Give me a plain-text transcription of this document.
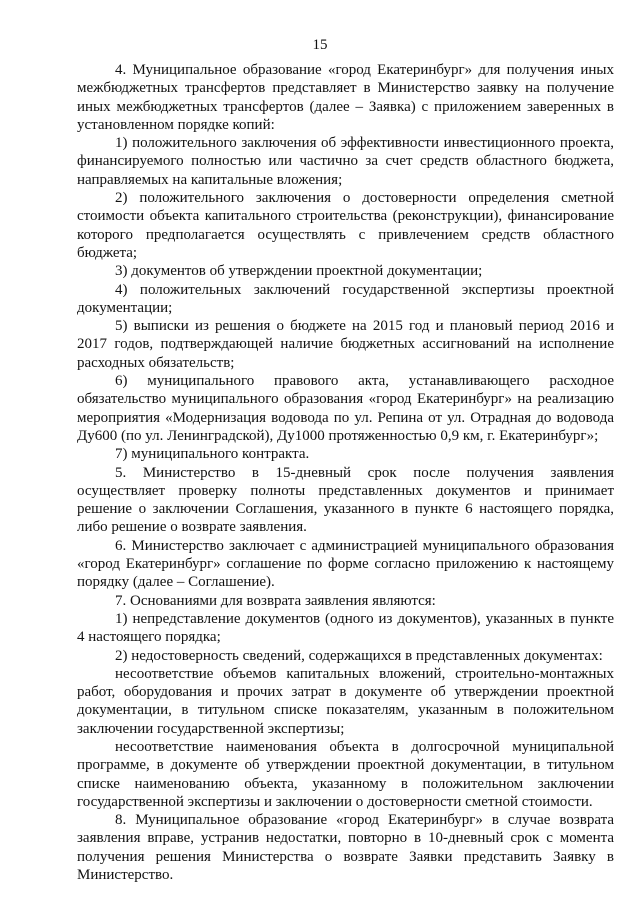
15

4. Муниципальное образование «город Екатеринбург» для получения иных межбюджетных трансфертов представляет в Министерство заявку на получение иных межбюджетных трансфертов (далее – Заявка) с приложением заверенных в установленном порядке копий:

1) положительного заключения об эффективности инвестиционного проекта, финансируемого полностью или частично за счет средств областного бюджета, направляемых на капитальные вложения;

2) положительного заключения о достоверности определения сметной стоимости объекта капитального строительства (реконструкции), финансирование которого предполагается осуществлять с привлечением средств областного бюджета;

3) документов об утверждении проектной документации;

4) положительных заключений государственной экспертизы проектной документации;

5) выписки из решения о бюджете на 2015 год и плановый период 2016 и 2017 годов, подтверждающей наличие бюджетных ассигнований на исполнение расходных обязательств;

6) муниципального правового акта, устанавливающего расходное обязательство муниципального образования «город Екатеринбург» на реализацию мероприятия «Модернизация водовода по ул. Репина от ул. Отрадная до водовода Ду600 (по ул. Ленинградской), Ду1000 протяженностью 0,9 км, г. Екатеринбург»;

7) муниципального контракта.

5. Министерство в 15-дневный срок после получения заявления осуществляет проверку полноты представленных документов и принимает решение о заключении Соглашения, указанного в пункте 6 настоящего порядка, либо решение о возврате заявления.

6. Министерство заключает с администрацией муниципального образования «город Екатеринбург» соглашение по форме согласно приложению к настоящему порядку (далее – Соглашение).

7. Основаниями для возврата заявления являются:

1) непредставление документов (одного из документов), указанных в пункте 4 настоящего порядка;

2) недостоверность сведений, содержащихся в представленных документах:

несоответствие объемов капитальных вложений, строительно-монтажных работ, оборудования и прочих затрат в документе об утверждении проектной документации, в титульном списке показателям, указанным в положительном заключении государственной экспертизы;

несоответствие наименования объекта в долгосрочной муниципальной программе, в документе об утверждении проектной документации, в титульном списке наименованию объекта, указанному в положительном заключении государственной экспертизы и заключении о достоверности сметной стоимости.

8. Муниципальное образование «город Екатеринбург» в случае возврата заявления вправе, устранив недостатки, повторно в 10-дневный срок с момента получения решения Министерства о возврате Заявки представить Заявку в Министерство.
